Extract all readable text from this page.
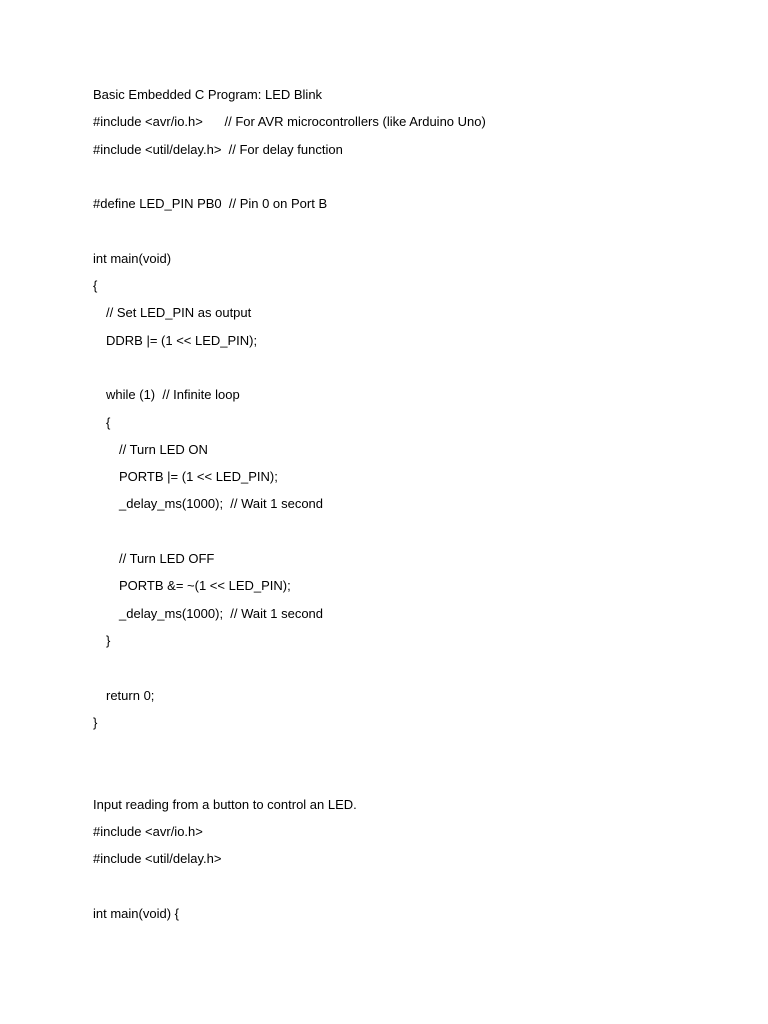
Basic Embedded C Program: LED Blink
#include <avr/io.h>      // For AVR microcontrollers (like Arduino Uno)
#include <util/delay.h>  // For delay function
#define LED_PIN PB0  // Pin 0 on Port B
int main(void)
{
// Set LED_PIN as output
DDRB |= (1 << LED_PIN);
while (1)  // Infinite loop
{
// Turn LED ON
PORTB |= (1 << LED_PIN);
_delay_ms(1000);  // Wait 1 second
// Turn LED OFF
PORTB &= ~(1 << LED_PIN);
_delay_ms(1000);  // Wait 1 second
}
return 0;
}
Input reading from a button to control an LED.
#include <avr/io.h>
#include <util/delay.h>
int main(void) {
